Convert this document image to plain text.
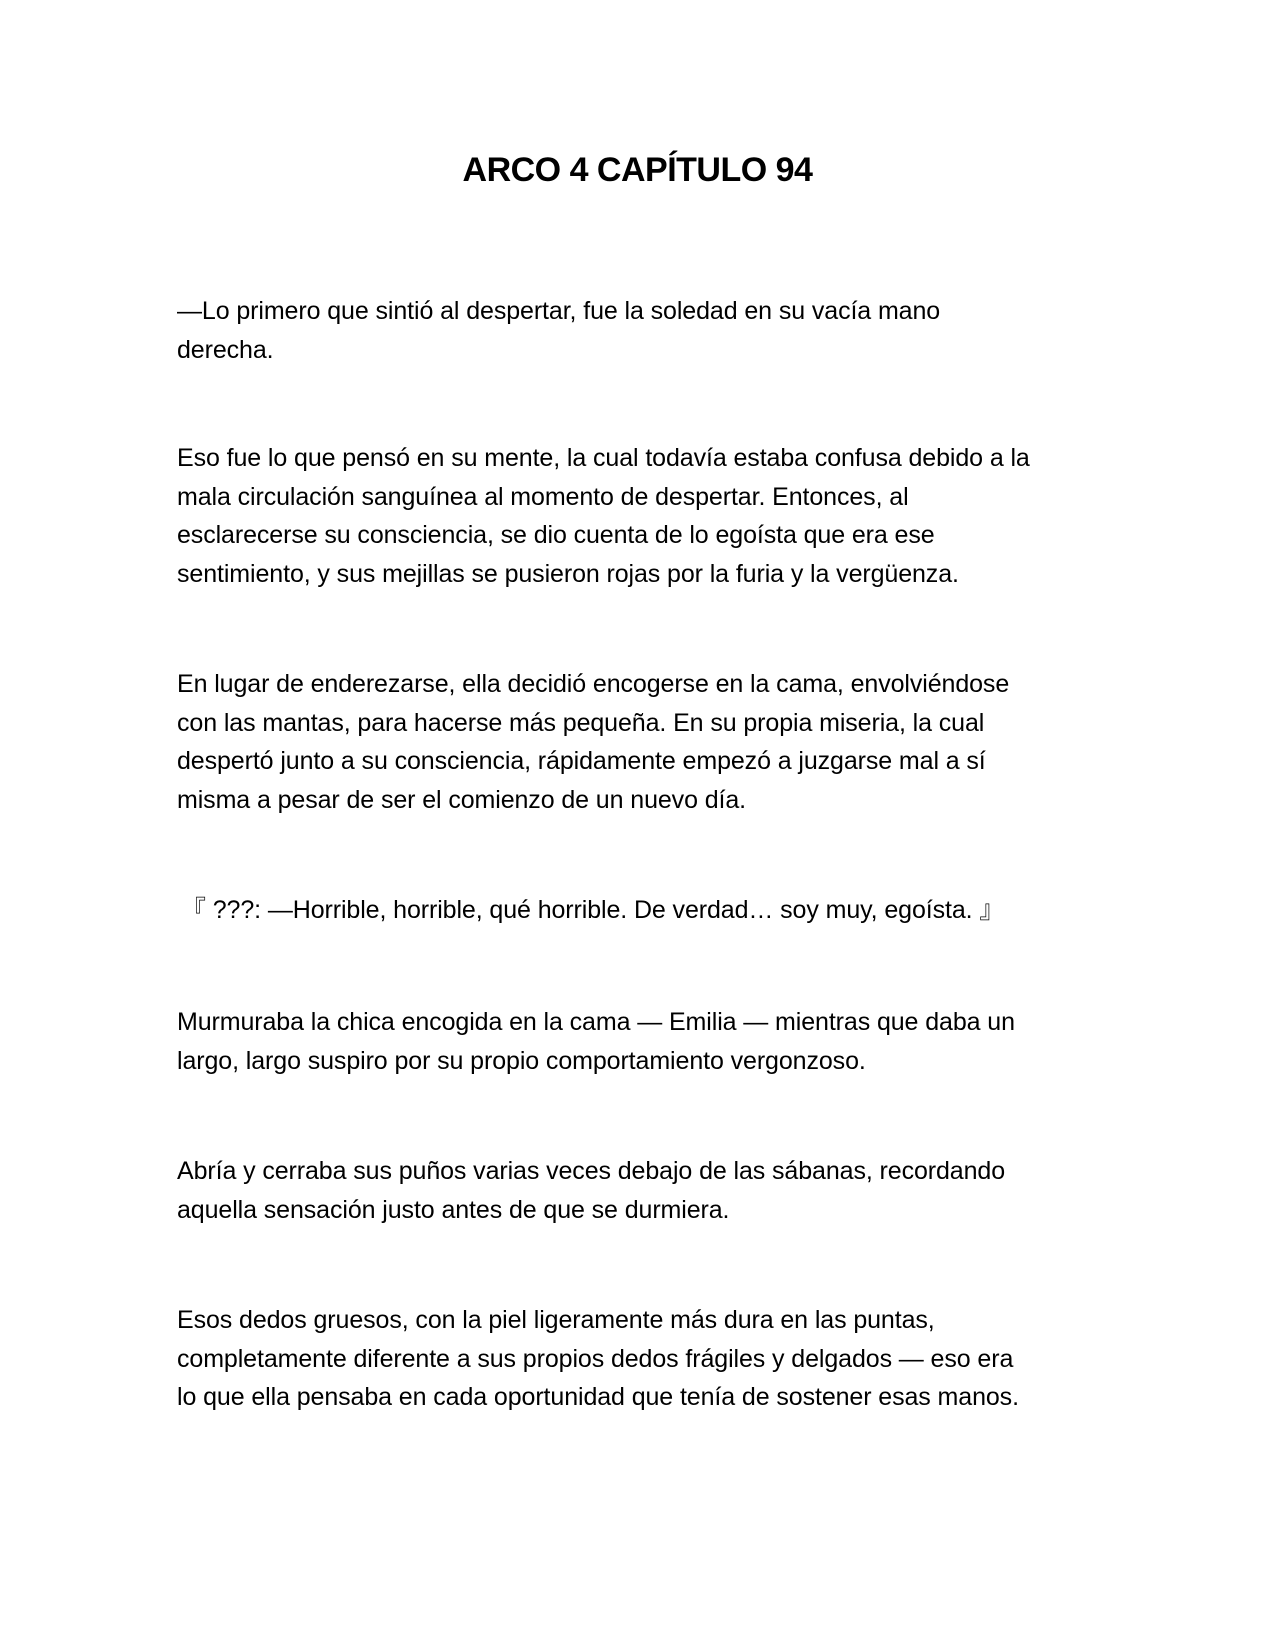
ARCO 4 CAPÍTULO 94

—Lo primero que sintió al despertar, fue la soledad en su vacía mano
derecha.

Eso fue lo que pensó en su mente, la cual todavía estaba confusa debido a la
mala circulación sanguínea al momento de despertar. Entonces, al
esclarecerse su consciencia, se dio cuenta de lo egoísta que era ese
sentimiento, y sus mejillas se pusieron rojas por la furia y la vergüenza.

En lugar de enderezarse, ella decidió encogerse en la cama, envolviéndose
con las mantas, para hacerse más pequeña. En su propia miseria, la cual
despertó junto a su consciencia, rápidamente empezó a juzgarse mal a sí
misma a pesar de ser el comienzo de un nuevo día.

『 ???: —Horrible, horrible, qué horrible. De verdad… soy muy, egoísta. 』

Murmuraba la chica encogida en la cama — Emilia — mientras que daba un
largo, largo suspiro por su propio comportamiento vergonzoso.

Abría y cerraba sus puños varias veces debajo de las sábanas, recordando
aquella sensación justo antes de que se durmiera.

Esos dedos gruesos, con la piel ligeramente más dura en las puntas,
completamente diferente a sus propios dedos frágiles y delgados — eso era
lo que ella pensaba en cada oportunidad que tenía de sostener esas manos.
